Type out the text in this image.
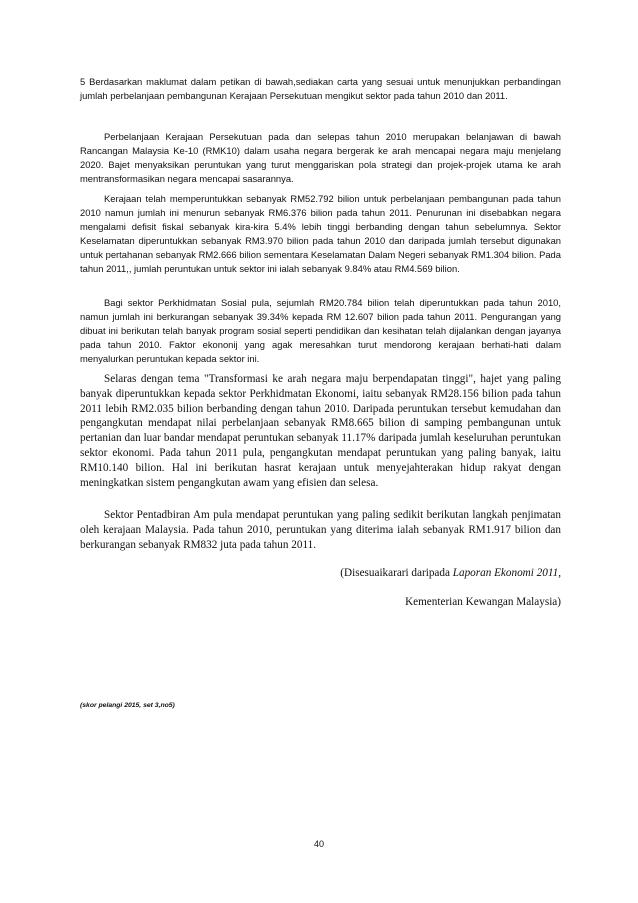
5 Berdasarkan maklumat dalam petikan di bawah,sediakan carta yang sesuai untuk menunjukkan perbandingan jumlah perbelanjaan pembangunan Kerajaan Persekutuan mengikut sektor pada tahun 2010 dan 2011.

Perbelanjaan Kerajaan Persekutuan pada dan selepas tahun 2010 merupakan belanjawan di bawah Rancangan Malaysia Ke-10 (RMK10) dalam usaha negara bergerak ke arah mencapai negara maju menjelang 2020. Bajet menyaksikan peruntukan yang turut menggariskan pola strategi dan projek-projek utama ke arah mentransformasikan negara mencapai sasarannya.

Kerajaan telah memperuntukkan sebanyak RM52.792 bilion untuk perbelanjaan pembangunan pada tahun 2010 namun jumlah ini menurun sebanyak RM6.376 bilion pada tahun 2011. Penurunan ini disebabkan negara mengalami defisit fiskal sebanyak kira-kira 5.4% lebih tinggi berbanding dengan tahun sebelumnya. Sektor Keselamatan diperuntukkan sebanyak RM3.970 bilion pada tahun 2010 dan daripada jumlah tersebut digunakan untuk pertahanan sebanyak RM2.666 bilion sementara Keselamatan Dalam Negeri sebanyak RM1.304 bilion. Pada tahun 2011,, jumlah peruntukan untuk sektor ini ialah sebanyak 9.84% atau RM4.569 bilion.

Bagi sektor Perkhidmatan Sosial pula, sejumlah RM20.784 bilion telah diperuntukkan pada tahun 2010, namun jumlah ini berkurangan sebanyak 39.34% kepada RM 12.607 bilion pada tahun 2011. Pengurangan yang dibuat ini berikutan telah banyak program sosial seperti pendidikan dan kesihatan telah dijalankan dengan jayanya pada tahun 2010. Faktor ekononij yang agak meresahkan turut mendorong kerajaan berhati-hati dalam menyalurkan peruntukan kepada sektor ini.

Selaras dengan tema "Transformasi ke arah negara maju berpendapatan tinggi", hajet yang paling banyak diperuntukkan kepada sektor Perkhidmatan Ekonomi, iaitu sebanyak RM28.156 bilion pada tahun 2011 lebih RM2.035 bilion berbanding dengan tahun 2010. Daripada peruntukan tersebut kemudahan dan pengangkutan mendapat nilai perbelanjaan sebanyak RM8.665 bilion di samping pembangunan untuk pertanian dan luar bandar mendapat peruntukan sebanyak 11.17% daripada jumlah keseluruhan peruntukan sektor ekonomi. Pada tahun 2011 pula, pengangkutan mendapat peruntukan yang paling banyak, iaitu RM10.140 bilion. Hal ini berikutan hasrat kerajaan untuk menyejahterakan hidup rakyat dengan meningkatkan sistem pengangkutan awam yang efisien dan selesa.

Sektor Pentadbiran Am pula mendapat peruntukan yang paling sedikit berikutan langkah penjimatan oleh kerajaan Malaysia. Pada tahun 2010, peruntukan yang diterima ialah sebanyak RM1.917 bilion dan berkurangan sebanyak RM832 juta pada tahun 2011.

(Disesuaikarari daripada Laporan Ekonomi 2011,

Kementerian Kewangan Malaysia)

(skor pelangi 2015, set 3,no5)

40
